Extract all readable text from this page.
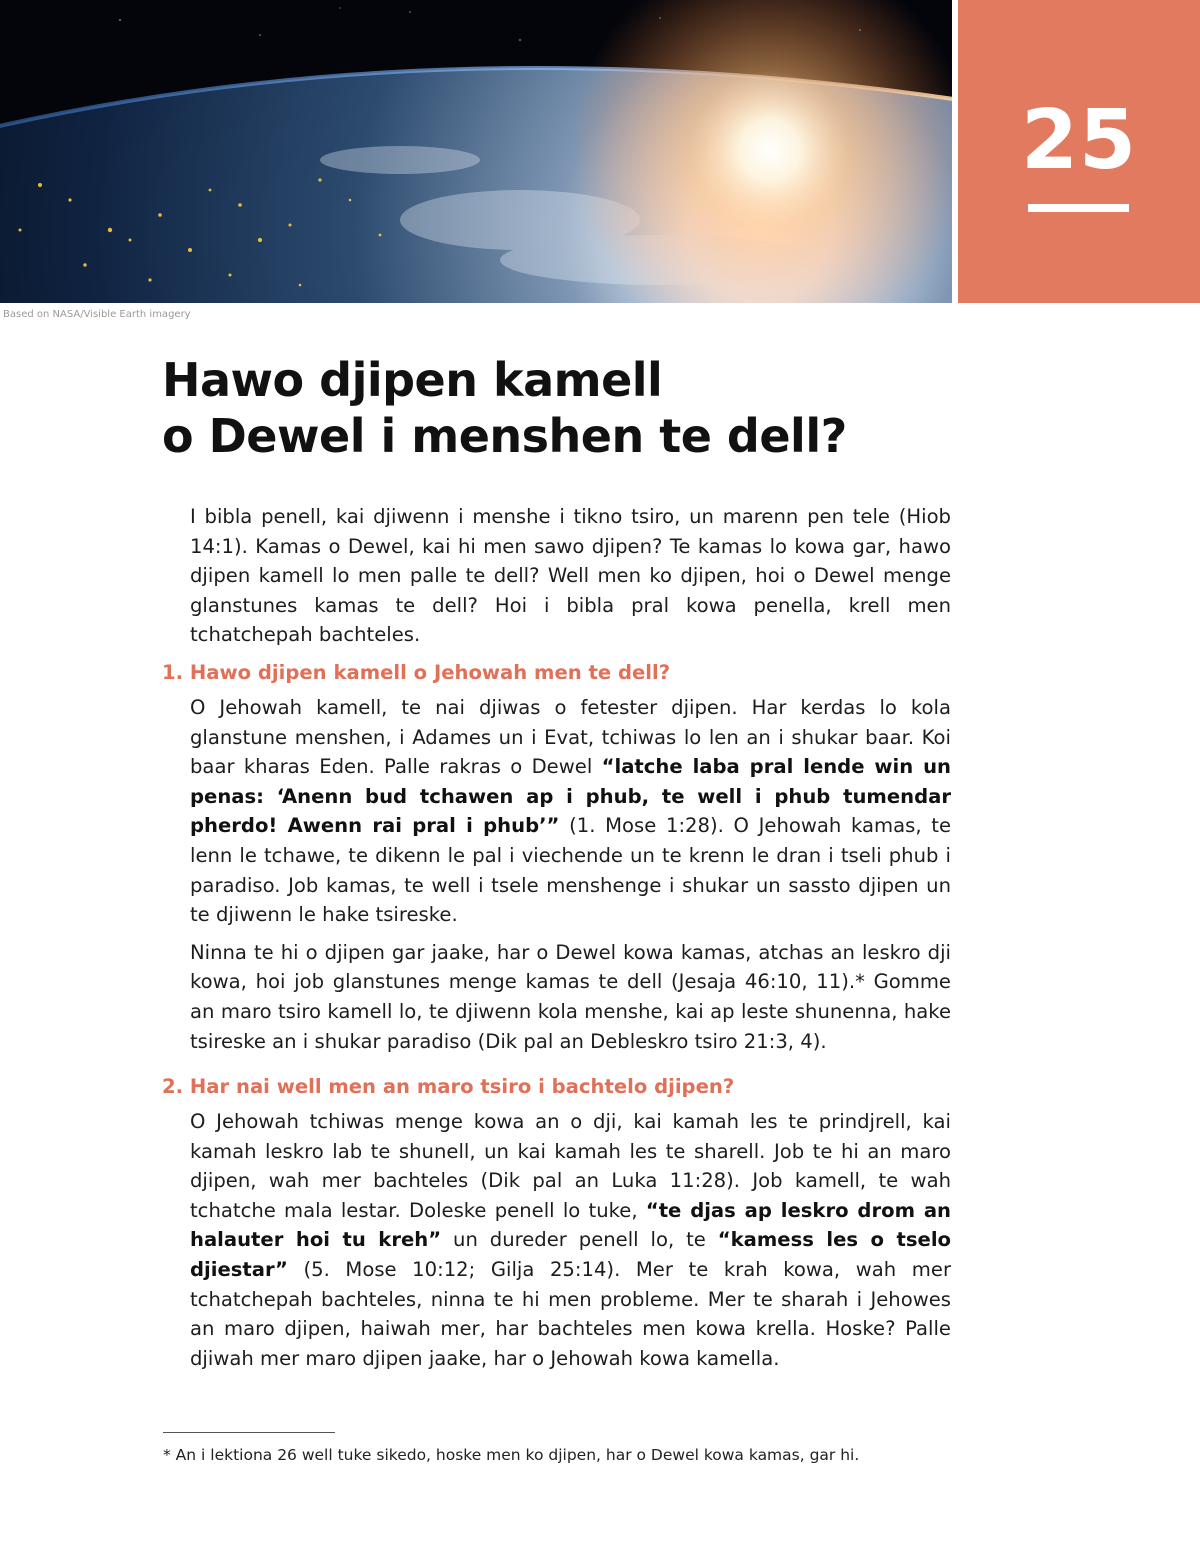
25
Based on NASA/Visible Earth imagery
Hawo djipen kamell
o Dewel i menshen te dell?

I bibla penell, kai djiwenn i menshe i tikno tsiro, un marenn pen tele (Hiob 14:1). Kamas o Dewel, kai hi men sawo djipen? Te kamas lo kowa gar, hawo djipen kamell lo men palle te dell? Well men ko djipen, hoi o Dewel menge glanstunes kamas te dell? Hoi i bibla pral kowa penella, krell men tchatchepah bachteles.

1. Hawo djipen kamell o Jehowah men te dell?

O Jehowah kamell, te nai djiwas o fetester djipen. Har kerdas lo kola glanstune menshen, i Adames un i Evat, tchiwas lo len an i shukar baar. Koi baar kharas Eden. Palle rakras o Dewel “latche laba pral lende win un penas: ‘Anenn bud tchawen ap i phub, te well i phub tumendar pherdo! Awenn rai pral i phub’” (1. Mose 1:28). O Jehowah kamas, te lenn le tchawe, te dikenn le pal i viechende un te krenn le dran i tseli phub i paradiso. Job kamas, te well i tsele menshenge i shukar un sassto djipen un te djiwenn le hake tsireske.

Ninna te hi o djipen gar jaake, har o Dewel kowa kamas, atchas an leskro dji kowa, hoi job glanstunes menge kamas te dell (Jesaja 46:10, 11).* Gomme an maro tsiro kamell lo, te djiwenn kola menshe, kai ap leste shunenna, hake tsireske an i shukar paradiso (Dik pal an Debleskro tsiro 21:3, 4).

2. Har nai well men an maro tsiro i bachtelo djipen?

O Jehowah tchiwas menge kowa an o dji, kai kamah les te prindjrell, kai kamah leskro lab te shunell, un kai kamah les te sharell. Job te hi an maro djipen, wah mer bachteles (Dik pal an Luka 11:28). Job kamell, te wah tchatche mala lestar. Doleske penell lo tuke, “te djas ap leskro drom an halauter hoi tu kreh” un dureder penell lo, te “kamess les o tselo djiestar” (5. Mose 10:12; Gilja 25:14). Mer te krah kowa, wah mer tchatchepah bachteles, ninna te hi men probleme. Mer te sharah i Jehowes an maro djipen, haiwah mer, har bachteles men kowa krella. Hoske? Palle djiwah mer maro djipen jaake, har o Jehowah kowa kamella.

* An i lektiona 26 well tuke sikedo, hoske men ko djipen, har o Dewel kowa kamas, gar hi.
